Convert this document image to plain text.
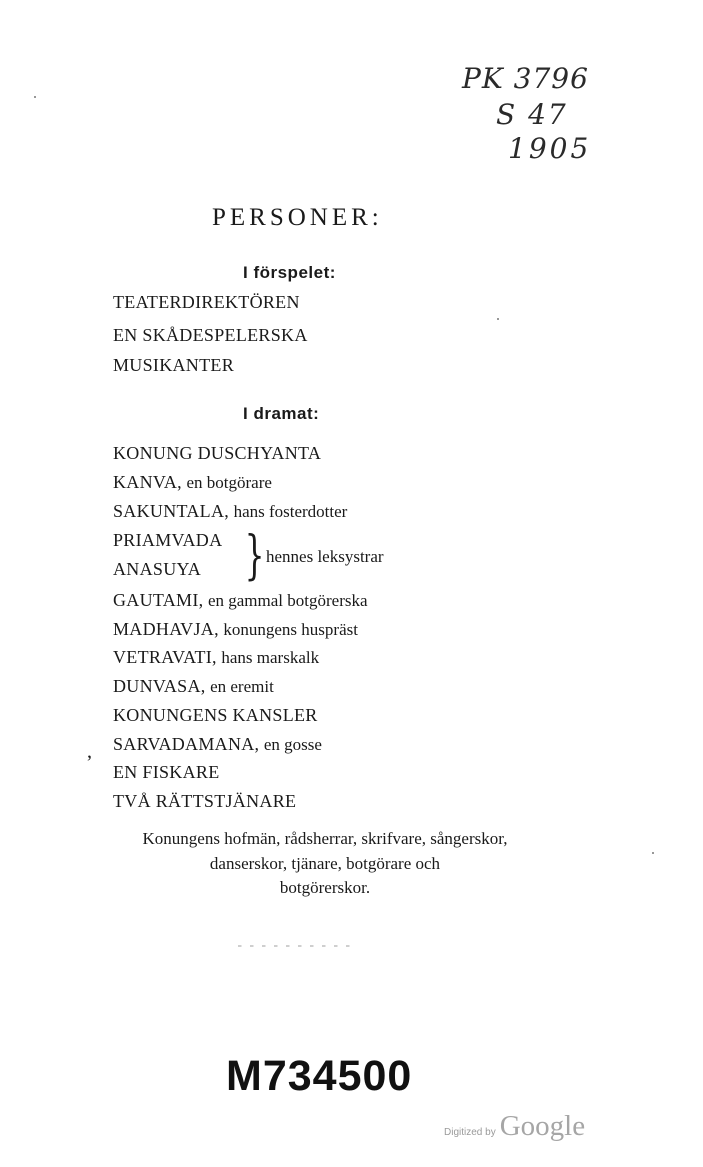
PK 3796
S 47
1905
PERSONER:
I förspelet:
TEATERDIREKTÖREN
EN SKÅDESPELERSKA
MUSIKANTER
I dramat:
KONUNG DUSCHYANTA
KANVA, en botgörare
SAKUNTALA, hans fosterdotter
PRIAMVADA
ANASUYA } hennes leksystrar
GAUTAMI, en gammal botgörerska
MADHAVJA, konungens huspräst
VETRAVATI, hans marskalk
DUNVASA, en eremit
KONUNGENS KANSLER
SARVADAMANA, en gosse
EN FISKARE
TVÅ RÄTTSTJÄNARE
ʼ
Konungens hofmän, rådsherrar, skrifvare, sångerskor,
danserskor, tjänare, botgörare och
botgörerskor.
M734500
Digitized by Google
